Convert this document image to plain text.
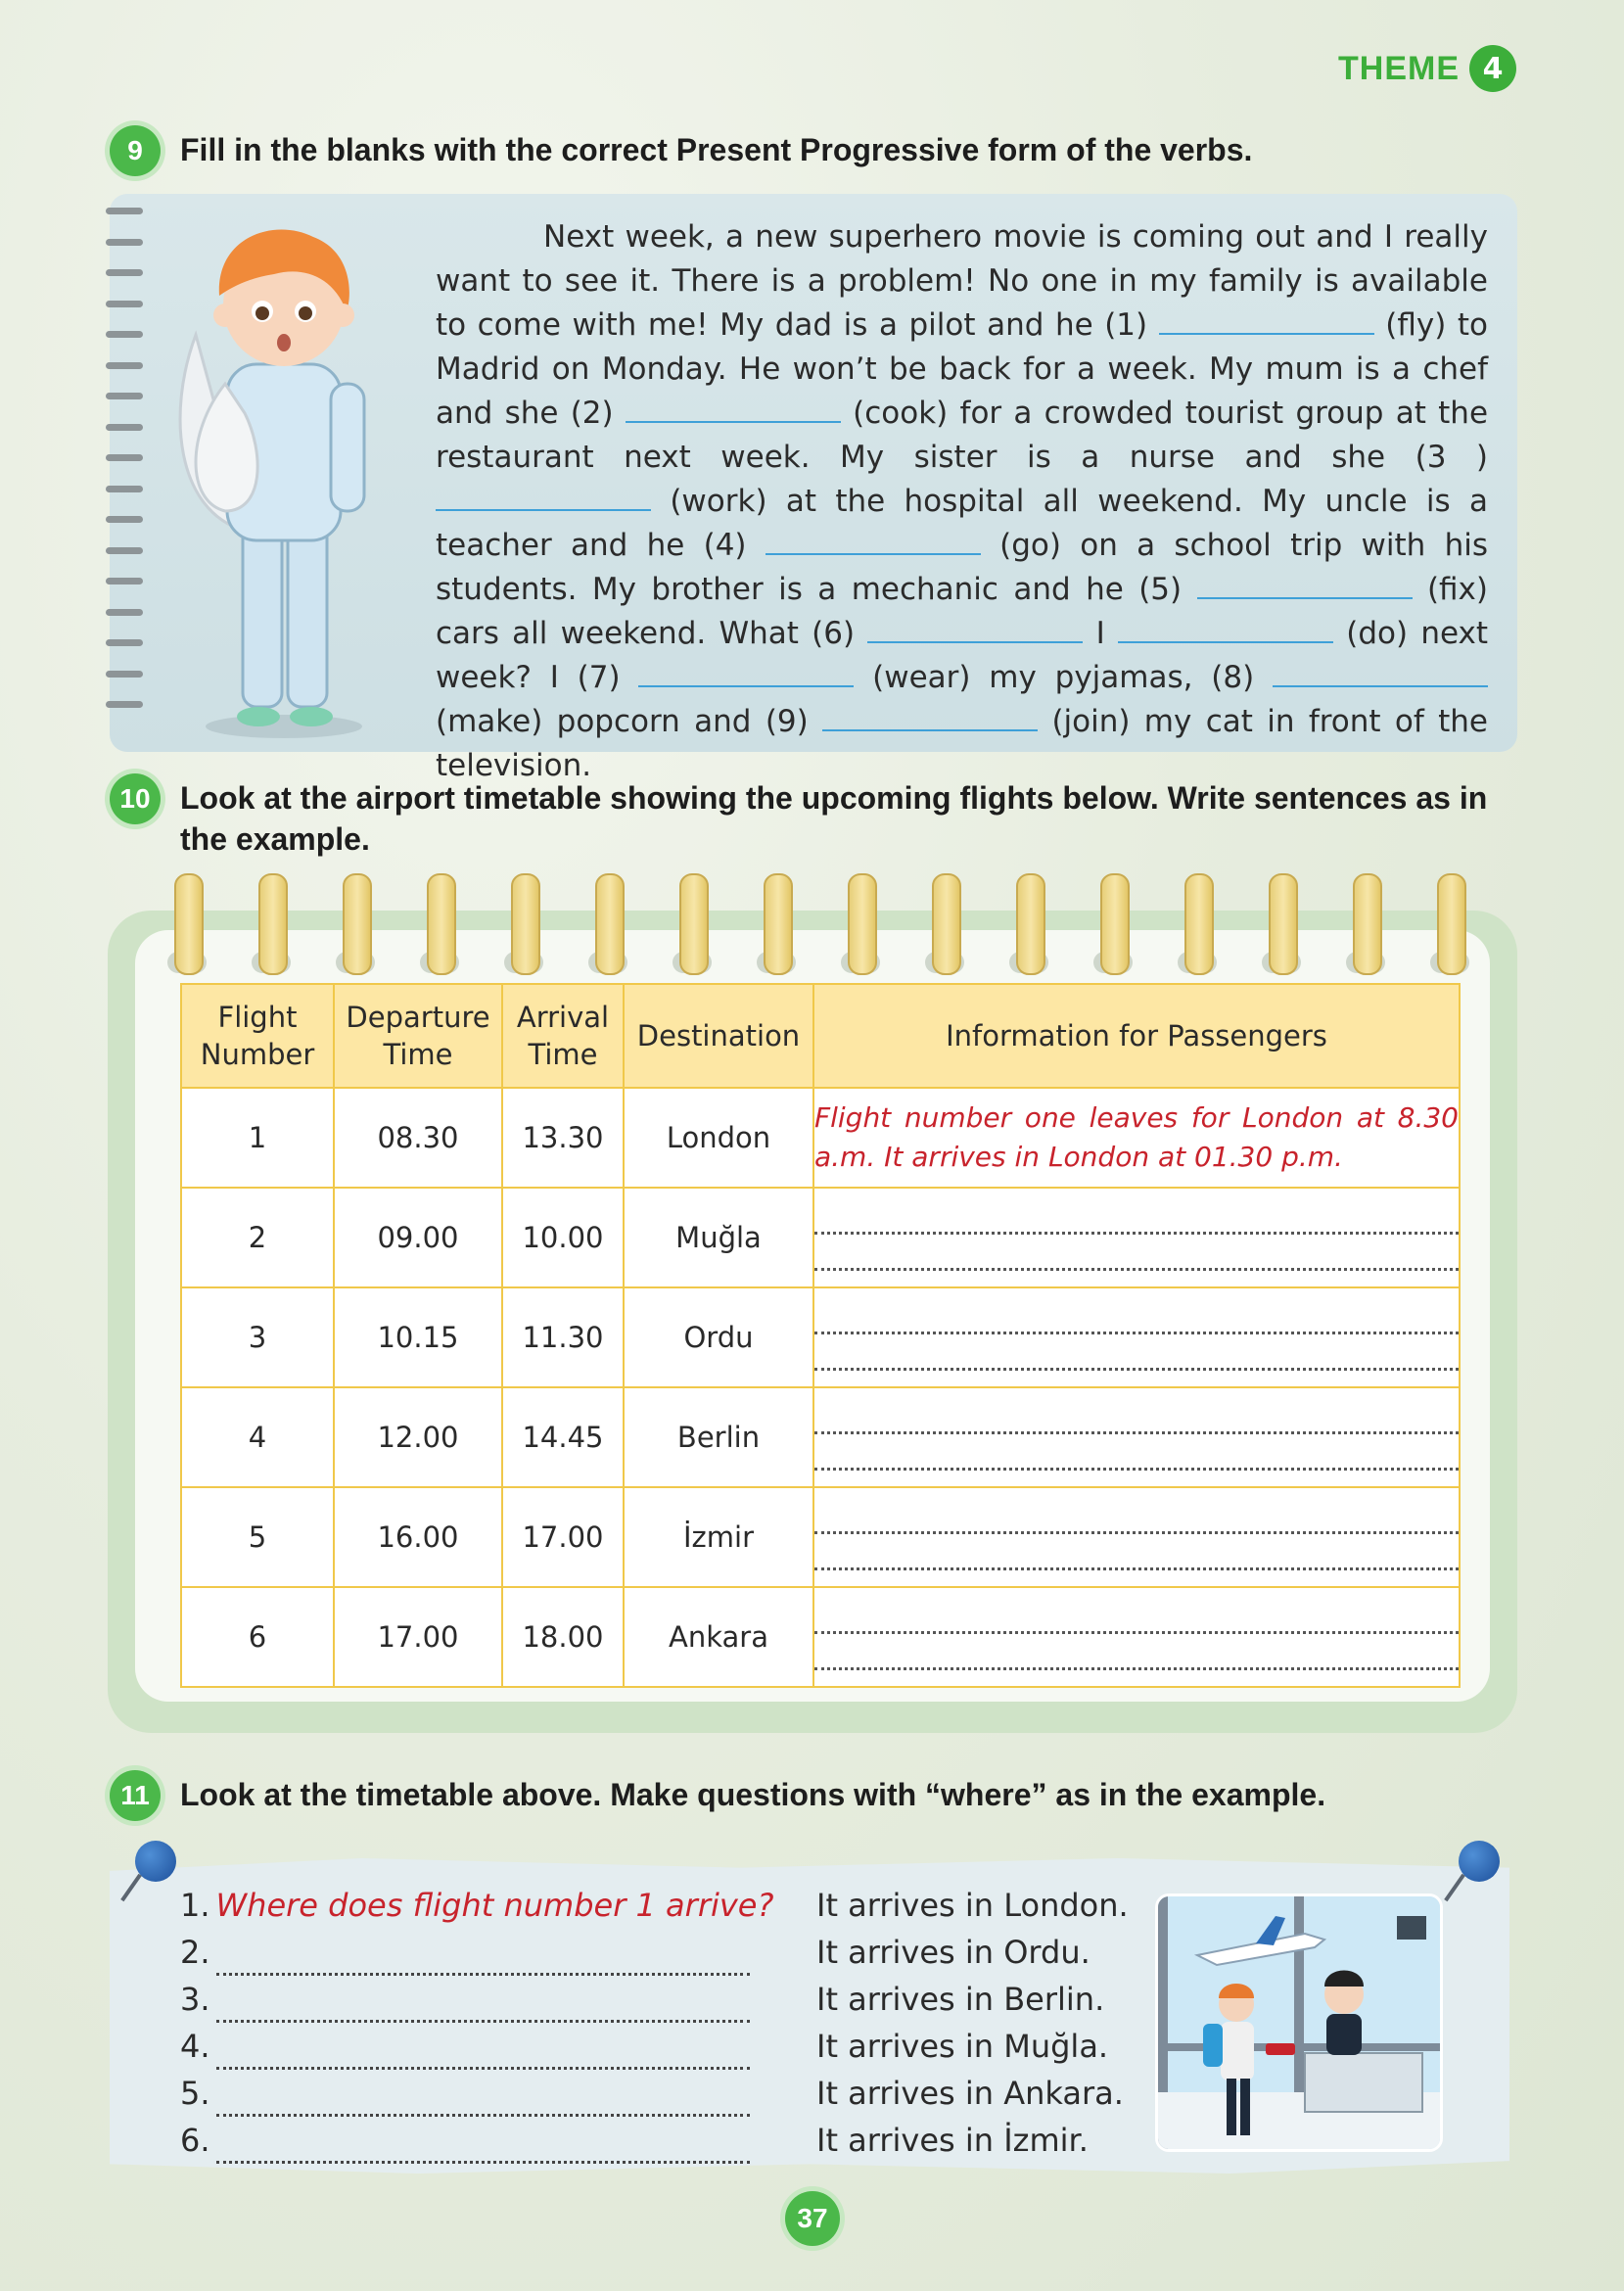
THEME 4
9	Fill in the blanks with the correct Present Progressive form of the verbs.
Next week, a new superhero movie is coming out and I really want to see it. There is a problem! No one in my family is available to come with me! My dad is a pilot and he (1)	(fly) to Madrid on Monday. He won’t be back for a week. My mum is a chef and she (2)	(cook) for a crowded tourist group at the restaurant next week. My sister is a nurse and she (3 )  (work) at the hospital all weekend. My uncle is a teacher and he (4)	(go) on a school trip with his students. My brother is a mechanic and he (5)	(fix) cars all weekend. What (6)	I	(do) next week? I (7)	(wear) my pyjamas, (8)  (make) popcorn and (9)	(join) my cat in front of the television.
10 Look at the airport timetable showing the upcoming flights below. Write sentences as in the example.
Flight Number	Departure Time	Arrival Time	Destination	Information for Passengers
1	08.30	13.30	London	Flight number one leaves for London at 8.30 a.m. It arrives in London at 01.30 p.m.

2	09.00	10.00	Muğla	

3	10.15	11.30	Ordu	

4	12.00	14.45	Berlin	

5	16.00	17.00	İzmir	

6	17.00	18.00	Ankara	
11 Look at the timetable above. Make questions with “where” as in the example.
1. Where does flight number 1 arrive?
2.
3.
4.
5.
6.
It arrives in London.
It arrives in Ordu.
It arrives in Berlin.
It arrives in Muğla.
It arrives in Ankara.
It arrives in İzmir.
37
